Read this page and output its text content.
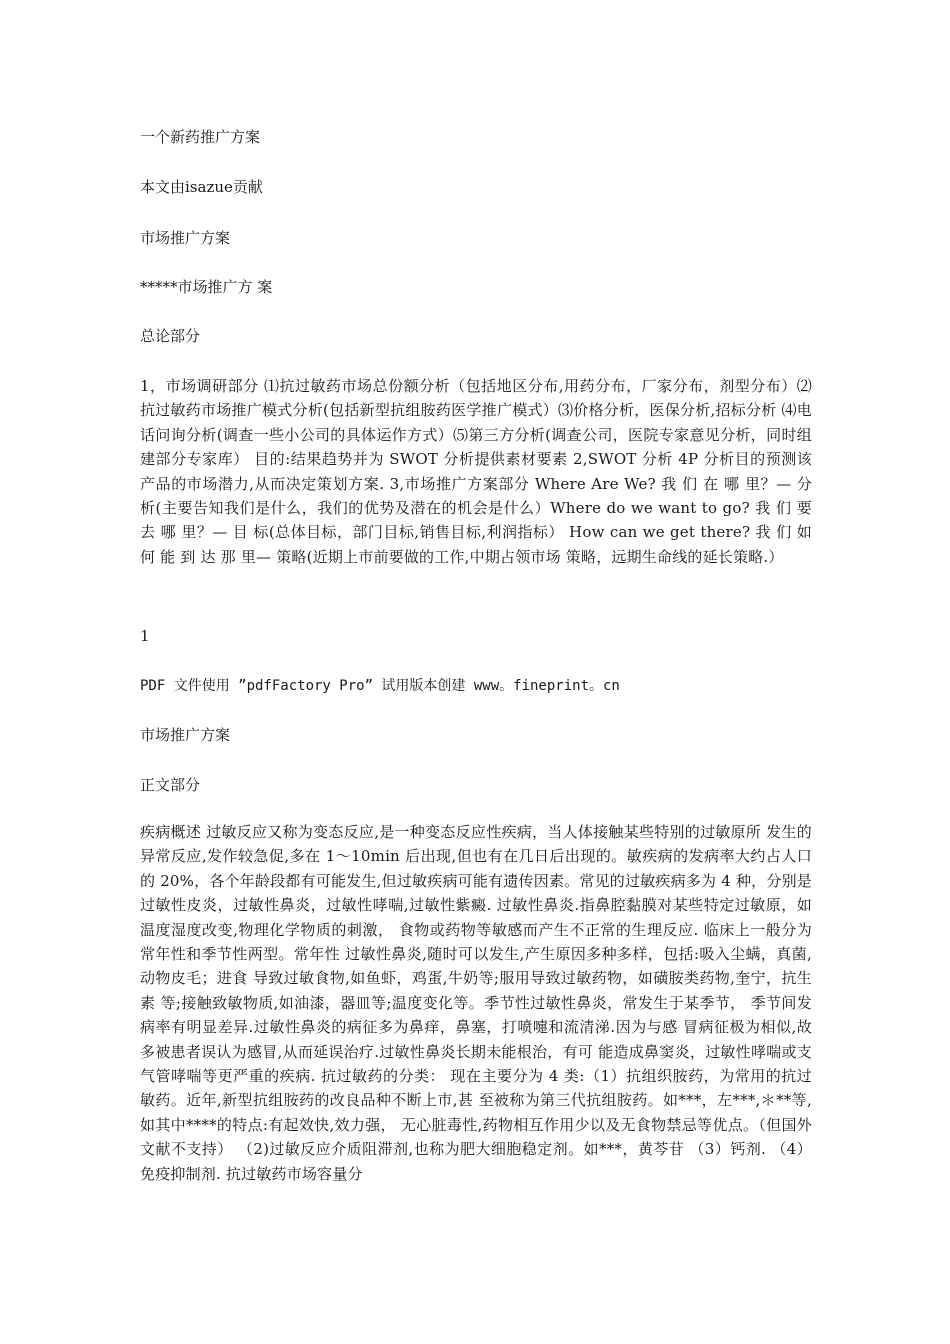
一个新药推广方案
本文由isazue贡献
市场推广方案
*****市场推广方 案
总论部分
1，市场调研部分 ⑴抗过敏药市场总份额分析（包括地区分布,用药分布，厂家分布，剂型分布）⑵抗过敏药市场推广模式分析(包括新型抗组胺药医学推广模式）⑶价格分析，医保分析,招标分析 ⑷电话问询分析(调查一些小公司的具体运作方式）⑸第三方分析(调查公司，医院专家意见分析，同时组建部分专家库） 目的:结果趋势并为 SWOT 分析提供素材要素 2,SWOT 分析 4P 分析目的预测该产品的市场潜力,从而决定策划方案. 3,市场推广方案部分 Where Are We? 我 们 在 哪 里？— 分 析(主要告知我们是什么，我们的优势及潜在的机会是什么）Where do we want to go? 我 们 要 去 哪 里？— 目 标(总体目标，部门目标,销售目标,利润指标） How can we get there? 我 们 如 何 能 到 达 那 里— 策略(近期上市前要做的工作,中期占领市场 策略，远期生命线的延长策略.）
1
PDF 文件使用 ”pdfFactory Pro” 试用版本创建 www。fineprint。cn
市场推广方案
正文部分
疾病概述 过敏反应又称为变态反应,是一种变态反应性疾病，当人体接触某些特别的过敏原所 发生的异常反应,发作较急促,多在 1～10min 后出现,但也有在几日后出现的。敏疾病的发病率大约占人口的 20%，各个年龄段都有可能发生,但过敏疾病可能有遗传因素。常见的过敏疾病多为 4 种，分别是过敏性皮炎，过敏性鼻炎，过敏性哮喘,过敏性紫癜. 过敏性鼻炎.指鼻腔黏膜对某些特定过敏原，如温度湿度改变,物理化学物质的刺激， 食物或药物等敏感而产生不正常的生理反应. 临床上一般分为常年性和季节性两型。常年性 过敏性鼻炎,随时可以发生,产生原因多种多样，包括:吸入尘螨，真菌,动物皮毛；进食 导致过敏食物,如鱼虾，鸡蛋,牛奶等;服用导致过敏药物，如磺胺类药物,奎宁，抗生素 等;接触致敏物质,如油漆，器皿等;温度变化等。季节性过敏性鼻炎，常发生于某季节， 季节间发病率有明显差异.过敏性鼻炎的病征多为鼻痒，鼻塞，打喷嚏和流清涕.因为与感 冒病征极为相似,故多被患者误认为感冒,从而延误治疗.过敏性鼻炎长期未能根治，有可 能造成鼻窦炎，过敏性哮喘或支气管哮喘等更严重的疾病. 抗过敏药的分类： 现在主要分为 4 类:（1）抗组织胺药，为常用的抗过敏药。近年,新型抗组胺药的改良品种不断上市,甚 至被称为第三代抗组胺药。如***，左***,＊**等,如其中****的特点:有起效快,效力强， 无心脏毒性,药物相互作用少以及无食物禁忌等优点。（但国外文献不支持） （2)过敏反应介质阻滞剂,也称为肥大细胞稳定剂。如***，黄芩苷 （3）钙剂. （4）免疫抑制剂. 抗过敏药市场容量分
